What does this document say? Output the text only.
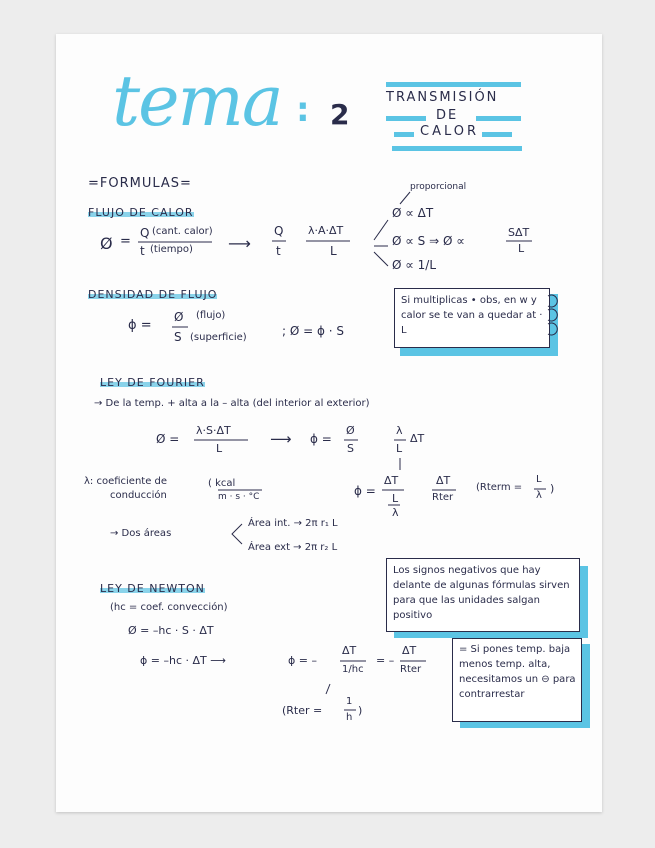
tema : 2
TRANSMISIÓN
DE
CALOR
=FORMULAS=
FLUJO DE CALOR
Ø =
Q (cant. calor)
t (tiempo) ⟶
Q
t
λ·A·ΔT
L
proporcional
Ø ∝ ΔT
Ø ∝ S ⇒ Ø ∝
SΔT
L
Ø ∝ 1/L
DENSIDAD DE FLUJO
ϕ =
Ø (flujo)
S (superficie)	; Ø = ϕ · S
Si multiplicas • obs, en w y calor se te van a quedar at · L
LEY DE FOURIER
→ De la temp. + alta a la – alta (del interior al exterior)
Ø =
λ·S·ΔT
L
⟶ ϕ =
Ø
S
λ
L
ΔT
λ: coeficiente de
conducción
( kcal
m · s · °C	ϕ =
ΔT
L
λ
ΔT
Rter
(Rterm =
L
λ
)
→ Dos áreas
Área int. → 2π r₁ L
Área ext → 2π r₂ L
LEY DE NEWTON
(hc = coef. convección)
Ø = –hc · S · ΔT
ϕ = –hc · ΔT ⟶	ϕ = –
ΔT
1/hc
= –
ΔT
Rter
(Rter =
1
h
)
Los signos negativos que hay delante de algunas fórmulas sirven para que las unidades salgan positivo
= Si pones temp. baja menos temp. alta, necesitamos un ⊖ para contrarrestar
